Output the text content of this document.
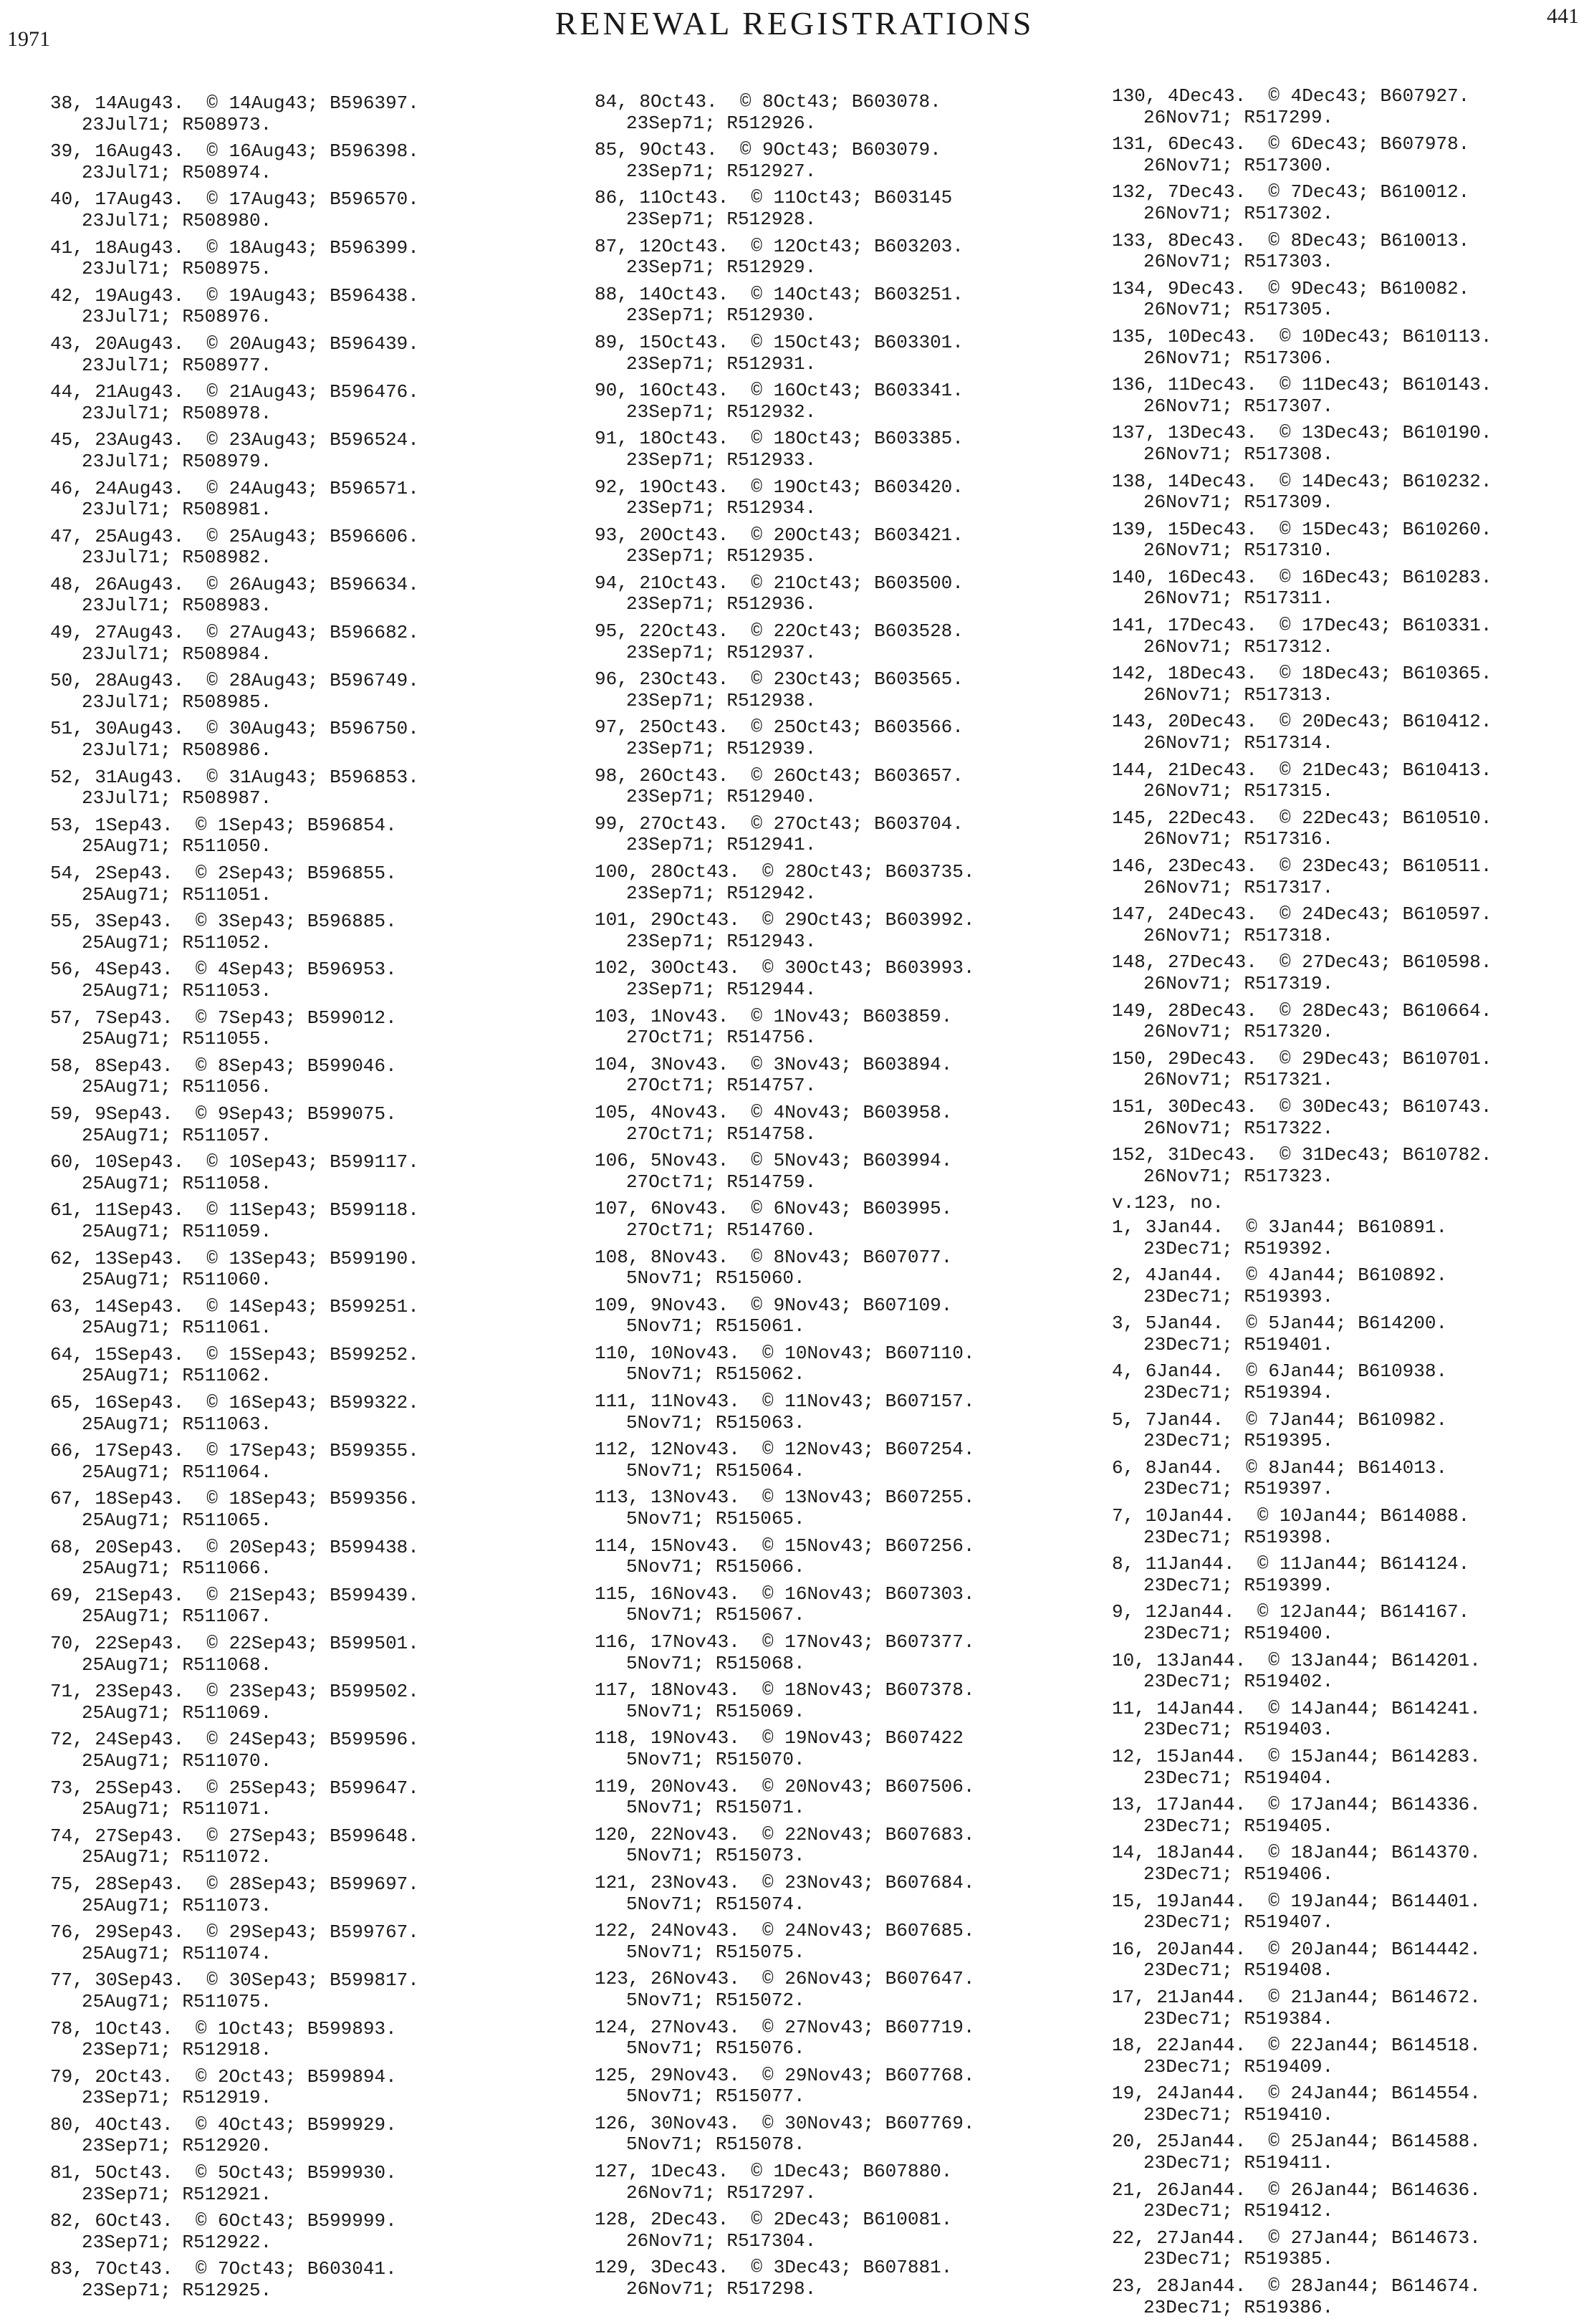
1971	RENEWAL REGISTRATIONS	441
38, 14Aug43.  © 14Aug43; B596397.
23Jul71; R508973.
39, 16Aug43.  © 16Aug43; B596398.
23Jul71; R508974.
40, 17Aug43.  © 17Aug43; B596570.
23Jul71; R508980.
41, 18Aug43.  © 18Aug43; B596399.
23Jul71; R508975.
42, 19Aug43.  © 19Aug43; B596438.
23Jul71; R508976.
43, 20Aug43.  © 20Aug43; B596439.
23Jul71; R508977.
44, 21Aug43.  © 21Aug43; B596476.
23Jul71; R508978.
45, 23Aug43.  © 23Aug43; B596524.
23Jul71; R508979.
46, 24Aug43.  © 24Aug43; B596571.
23Jul71; R508981.
47, 25Aug43.  © 25Aug43; B596606.
23Jul71; R508982.
48, 26Aug43.  © 26Aug43; B596634.
23Jul71; R508983.
49, 27Aug43.  © 27Aug43; B596682.
23Jul71; R508984.
50, 28Aug43.  © 28Aug43; B596749.
23Jul71; R508985.
51, 30Aug43.  © 30Aug43; B596750.
23Jul71; R508986.
52, 31Aug43.  © 31Aug43; B596853.
23Jul71; R508987.
53, 1Sep43.  © 1Sep43; B596854.
25Aug71; R511050.
54, 2Sep43.  © 2Sep43; B596855.
25Aug71; R511051.
55, 3Sep43.  © 3Sep43; B596885.
25Aug71; R511052.
56, 4Sep43.  © 4Sep43; B596953.
25Aug71; R511053.
57, 7Sep43.  © 7Sep43; B599012.
25Aug71; R511055.
58, 8Sep43.  © 8Sep43; B599046.
25Aug71; R511056.
59, 9Sep43.  © 9Sep43; B599075.
25Aug71; R511057.
60, 10Sep43.  © 10Sep43; B599117.
25Aug71; R511058.
61, 11Sep43.  © 11Sep43; B599118.
25Aug71; R511059.
62, 13Sep43.  © 13Sep43; B599190.
25Aug71; R511060.
63, 14Sep43.  © 14Sep43; B599251.
25Aug71; R511061.
64, 15Sep43.  © 15Sep43; B599252.
25Aug71; R511062.
65, 16Sep43.  © 16Sep43; B599322.
25Aug71; R511063.
66, 17Sep43.  © 17Sep43; B599355.
25Aug71; R511064.
67, 18Sep43.  © 18Sep43; B599356.
25Aug71; R511065.
68, 20Sep43.  © 20Sep43; B599438.
25Aug71; R511066.
69, 21Sep43.  © 21Sep43; B599439.
25Aug71; R511067.
70, 22Sep43.  © 22Sep43; B599501.
25Aug71; R511068.
71, 23Sep43.  © 23Sep43; B599502.
25Aug71; R511069.
72, 24Sep43.  © 24Sep43; B599596.
25Aug71; R511070.
73, 25Sep43.  © 25Sep43; B599647.
25Aug71; R511071.
74, 27Sep43.  © 27Sep43; B599648.
25Aug71; R511072.
75, 28Sep43.  © 28Sep43; B599697.
25Aug71; R511073.
76, 29Sep43.  © 29Sep43; B599767.
25Aug71; R511074.
77, 30Sep43.  © 30Sep43; B599817.
25Aug71; R511075.
78, 1Oct43.  © 1Oct43; B599893.
23Sep71; R512918.
79, 2Oct43.  © 2Oct43; B599894.
23Sep71; R512919.
80, 4Oct43.  © 4Oct43; B599929.
23Sep71; R512920.
81, 5Oct43.  © 5Oct43; B599930.
23Sep71; R512921.
82, 6Oct43.  © 6Oct43; B599999.
23Sep71; R512922.
83, 7Oct43.  © 7Oct43; B603041.
23Sep71; R512925.
84, 8Oct43.  © 8Oct43; B603078.
23Sep71; R512926.
85, 9Oct43.  © 9Oct43; B603079.
23Sep71; R512927.
86, 11Oct43.  © 11Oct43; B603145
23Sep71; R512928.
87, 12Oct43.  © 12Oct43; B603203.
23Sep71; R512929.
88, 14Oct43.  © 14Oct43; B603251.
23Sep71; R512930.
89, 15Oct43.  © 15Oct43; B603301.
23Sep71; R512931.
90, 16Oct43.  © 16Oct43; B603341.
23Sep71; R512932.
91, 18Oct43.  © 18Oct43; B603385.
23Sep71; R512933.
92, 19Oct43.  © 19Oct43; B603420.
23Sep71; R512934.
93, 20Oct43.  © 20Oct43; B603421.
23Sep71; R512935.
94, 21Oct43.  © 21Oct43; B603500.
23Sep71; R512936.
95, 22Oct43.  © 22Oct43; B603528.
23Sep71; R512937.
96, 23Oct43.  © 23Oct43; B603565.
23Sep71; R512938.
97, 25Oct43.  © 25Oct43; B603566.
23Sep71; R512939.
98, 26Oct43.  © 26Oct43; B603657.
23Sep71; R512940.
99, 27Oct43.  © 27Oct43; B603704.
23Sep71; R512941.
100, 28Oct43.  © 28Oct43; B603735.
23Sep71; R512942.
101, 29Oct43.  © 29Oct43; B603992.
23Sep71; R512943.
102, 30Oct43.  © 30Oct43; B603993.
23Sep71; R512944.
103, 1Nov43.  © 1Nov43; B603859.
27Oct71; R514756.
104, 3Nov43.  © 3Nov43; B603894.
27Oct71; R514757.
105, 4Nov43.  © 4Nov43; B603958.
27Oct71; R514758.
106, 5Nov43.  © 5Nov43; B603994.
27Oct71; R514759.
107, 6Nov43.  © 6Nov43; B603995.
27Oct71; R514760.
108, 8Nov43.  © 8Nov43; B607077.
5Nov71; R515060.
109, 9Nov43.  © 9Nov43; B607109.
5Nov71; R515061.
110, 10Nov43.  © 10Nov43; B607110.
5Nov71; R515062.
111, 11Nov43.  © 11Nov43; B607157.
5Nov71; R515063.
112, 12Nov43.  © 12Nov43; B607254.
5Nov71; R515064.
113, 13Nov43.  © 13Nov43; B607255.
5Nov71; R515065.
114, 15Nov43.  © 15Nov43; B607256.
5Nov71; R515066.
115, 16Nov43.  © 16Nov43; B607303.
5Nov71; R515067.
116, 17Nov43.  © 17Nov43; B607377.
5Nov71; R515068.
117, 18Nov43.  © 18Nov43; B607378.
5Nov71; R515069.
118, 19Nov43.  © 19Nov43; B607422
5Nov71; R515070.
119, 20Nov43.  © 20Nov43; B607506.
5Nov71; R515071.
120, 22Nov43.  © 22Nov43; B607683.
5Nov71; R515073.
121, 23Nov43.  © 23Nov43; B607684.
5Nov71; R515074.
122, 24Nov43.  © 24Nov43; B607685.
5Nov71; R515075.
123, 26Nov43.  © 26Nov43; B607647.
5Nov71; R515072.
124, 27Nov43.  © 27Nov43; B607719.
5Nov71; R515076.
125, 29Nov43.  © 29Nov43; B607768.
5Nov71; R515077.
126, 30Nov43.  © 30Nov43; B607769.
5Nov71; R515078.
127, 1Dec43.  © 1Dec43; B607880.
26Nov71; R517297.
128, 2Dec43.  © 2Dec43; B610081.
26Nov71; R517304.
129, 3Dec43.  © 3Dec43; B607881.
26Nov71; R517298.
130, 4Dec43.  © 4Dec43; B607927.
26Nov71; R517299.
131, 6Dec43.  © 6Dec43; B607978.
26Nov71; R517300.
132, 7Dec43.  © 7Dec43; B610012.
26Nov71; R517302.
133, 8Dec43.  © 8Dec43; B610013.
26Nov71; R517303.
134, 9Dec43.  © 9Dec43; B610082.
26Nov71; R517305.
135, 10Dec43.  © 10Dec43; B610113.
26Nov71; R517306.
136, 11Dec43.  © 11Dec43; B610143.
26Nov71; R517307.
137, 13Dec43.  © 13Dec43; B610190.
26Nov71; R517308.
138, 14Dec43.  © 14Dec43; B610232.
26Nov71; R517309.
139, 15Dec43.  © 15Dec43; B610260.
26Nov71; R517310.
140, 16Dec43.  © 16Dec43; B610283.
26Nov71; R517311.
141, 17Dec43.  © 17Dec43; B610331.
26Nov71; R517312.
142, 18Dec43.  © 18Dec43; B610365.
26Nov71; R517313.
143, 20Dec43.  © 20Dec43; B610412.
26Nov71; R517314.
144, 21Dec43.  © 21Dec43; B610413.
26Nov71; R517315.
145, 22Dec43.  © 22Dec43; B610510.
26Nov71; R517316.
146, 23Dec43.  © 23Dec43; B610511.
26Nov71; R517317.
147, 24Dec43.  © 24Dec43; B610597.
26Nov71; R517318.
148, 27Dec43.  © 27Dec43; B610598.
26Nov71; R517319.
149, 28Dec43.  © 28Dec43; B610664.
26Nov71; R517320.
150, 29Dec43.  © 29Dec43; B610701.
26Nov71; R517321.
151, 30Dec43.  © 30Dec43; B610743.
26Nov71; R517322.
152, 31Dec43.  © 31Dec43; B610782.
26Nov71; R517323.
v.123, no.
1, 3Jan44.  © 3Jan44; B610891.
23Dec71; R519392.
2, 4Jan44.  © 4Jan44; B610892.
23Dec71; R519393.
3, 5Jan44.  © 5Jan44; B614200.
23Dec71; R519401.
4, 6Jan44.  © 6Jan44; B610938.
23Dec71; R519394.
5, 7Jan44.  © 7Jan44; B610982.
23Dec71; R519395.
6, 8Jan44.  © 8Jan44; B614013.
23Dec71; R519397.
7, 10Jan44.  © 10Jan44; B614088.
23Dec71; R519398.
8, 11Jan44.  © 11Jan44; B614124.
23Dec71; R519399.
9, 12Jan44.  © 12Jan44; B614167.
23Dec71; R519400.
10, 13Jan44.  © 13Jan44; B614201.
23Dec71; R519402.
11, 14Jan44.  © 14Jan44; B614241.
23Dec71; R519403.
12, 15Jan44.  © 15Jan44; B614283.
23Dec71; R519404.
13, 17Jan44.  © 17Jan44; B614336.
23Dec71; R519405.
14, 18Jan44.  © 18Jan44; B614370.
23Dec71; R519406.
15, 19Jan44.  © 19Jan44; B614401.
23Dec71; R519407.
16, 20Jan44.  © 20Jan44; B614442.
23Dec71; R519408.
17, 21Jan44.  © 21Jan44; B614672.
23Dec71; R519384.
18, 22Jan44.  © 22Jan44; B614518.
23Dec71; R519409.
19, 24Jan44.  © 24Jan44; B614554.
23Dec71; R519410.
20, 25Jan44.  © 25Jan44; B614588.
23Dec71; R519411.
21, 26Jan44.  © 26Jan44; B614636.
23Dec71; R519412.
22, 27Jan44.  © 27Jan44; B614673.
23Dec71; R519385.
23, 28Jan44.  © 28Jan44; B614674.
23Dec71; R519386.
